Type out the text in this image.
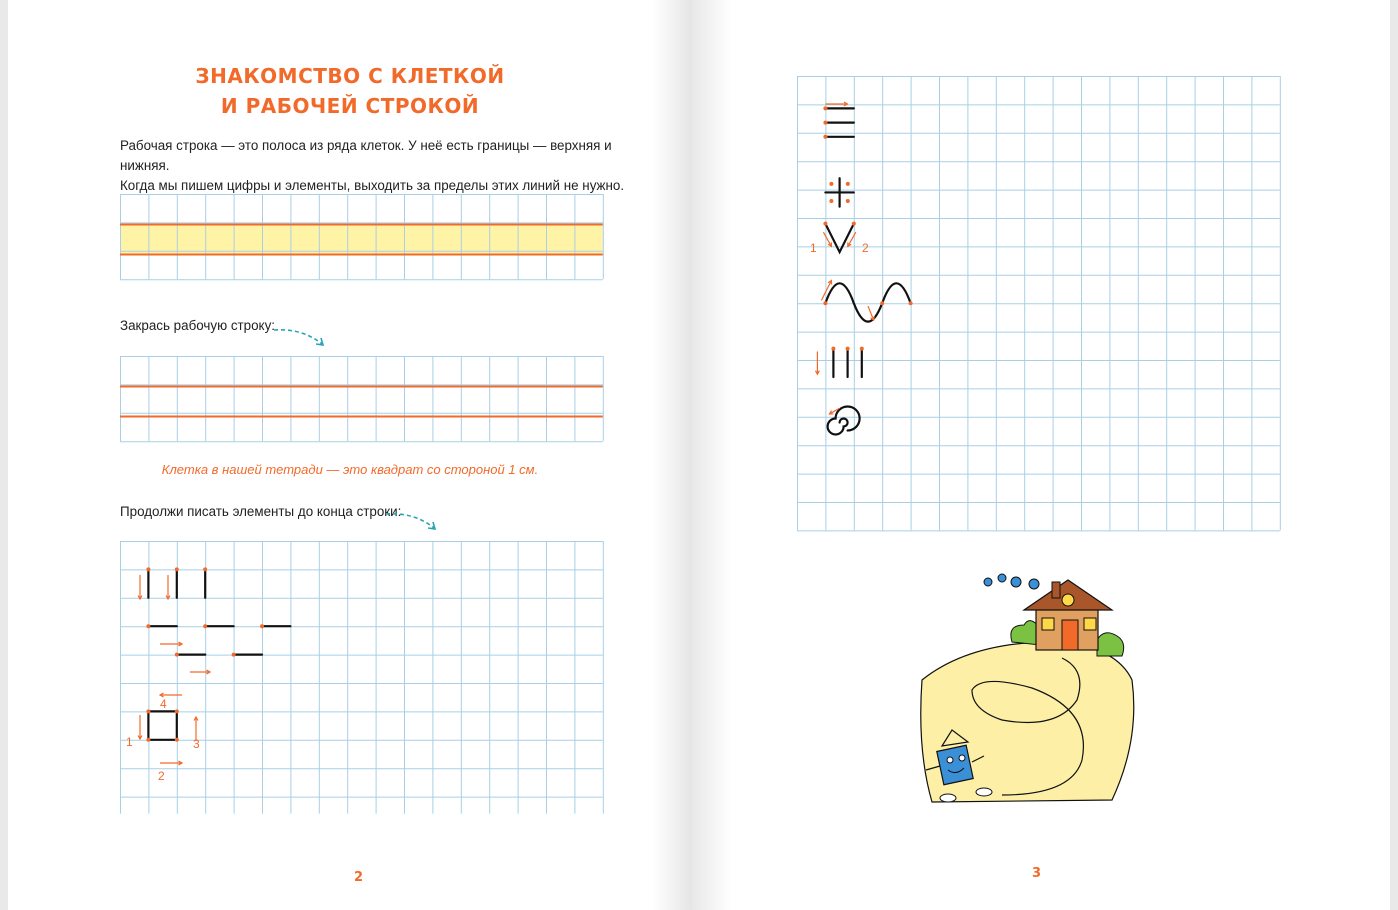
ЗНАКОМСТВО С КЛЕТКОЙ
И РАБОЧЕЙ СТРОКОЙ
Рабочая строка — это полоса из ряда клеток. У неё есть границы — верхняя и нижняя.
Когда мы пишем цифры и элементы, выходить за пределы этих линий не нужно.
Закрась рабочую строку:
Клетка в нашей тетради — это квадрат со стороной 1 см.
Продолжи писать элементы до конца строки:
1
2
3
4
2
1	2
3
